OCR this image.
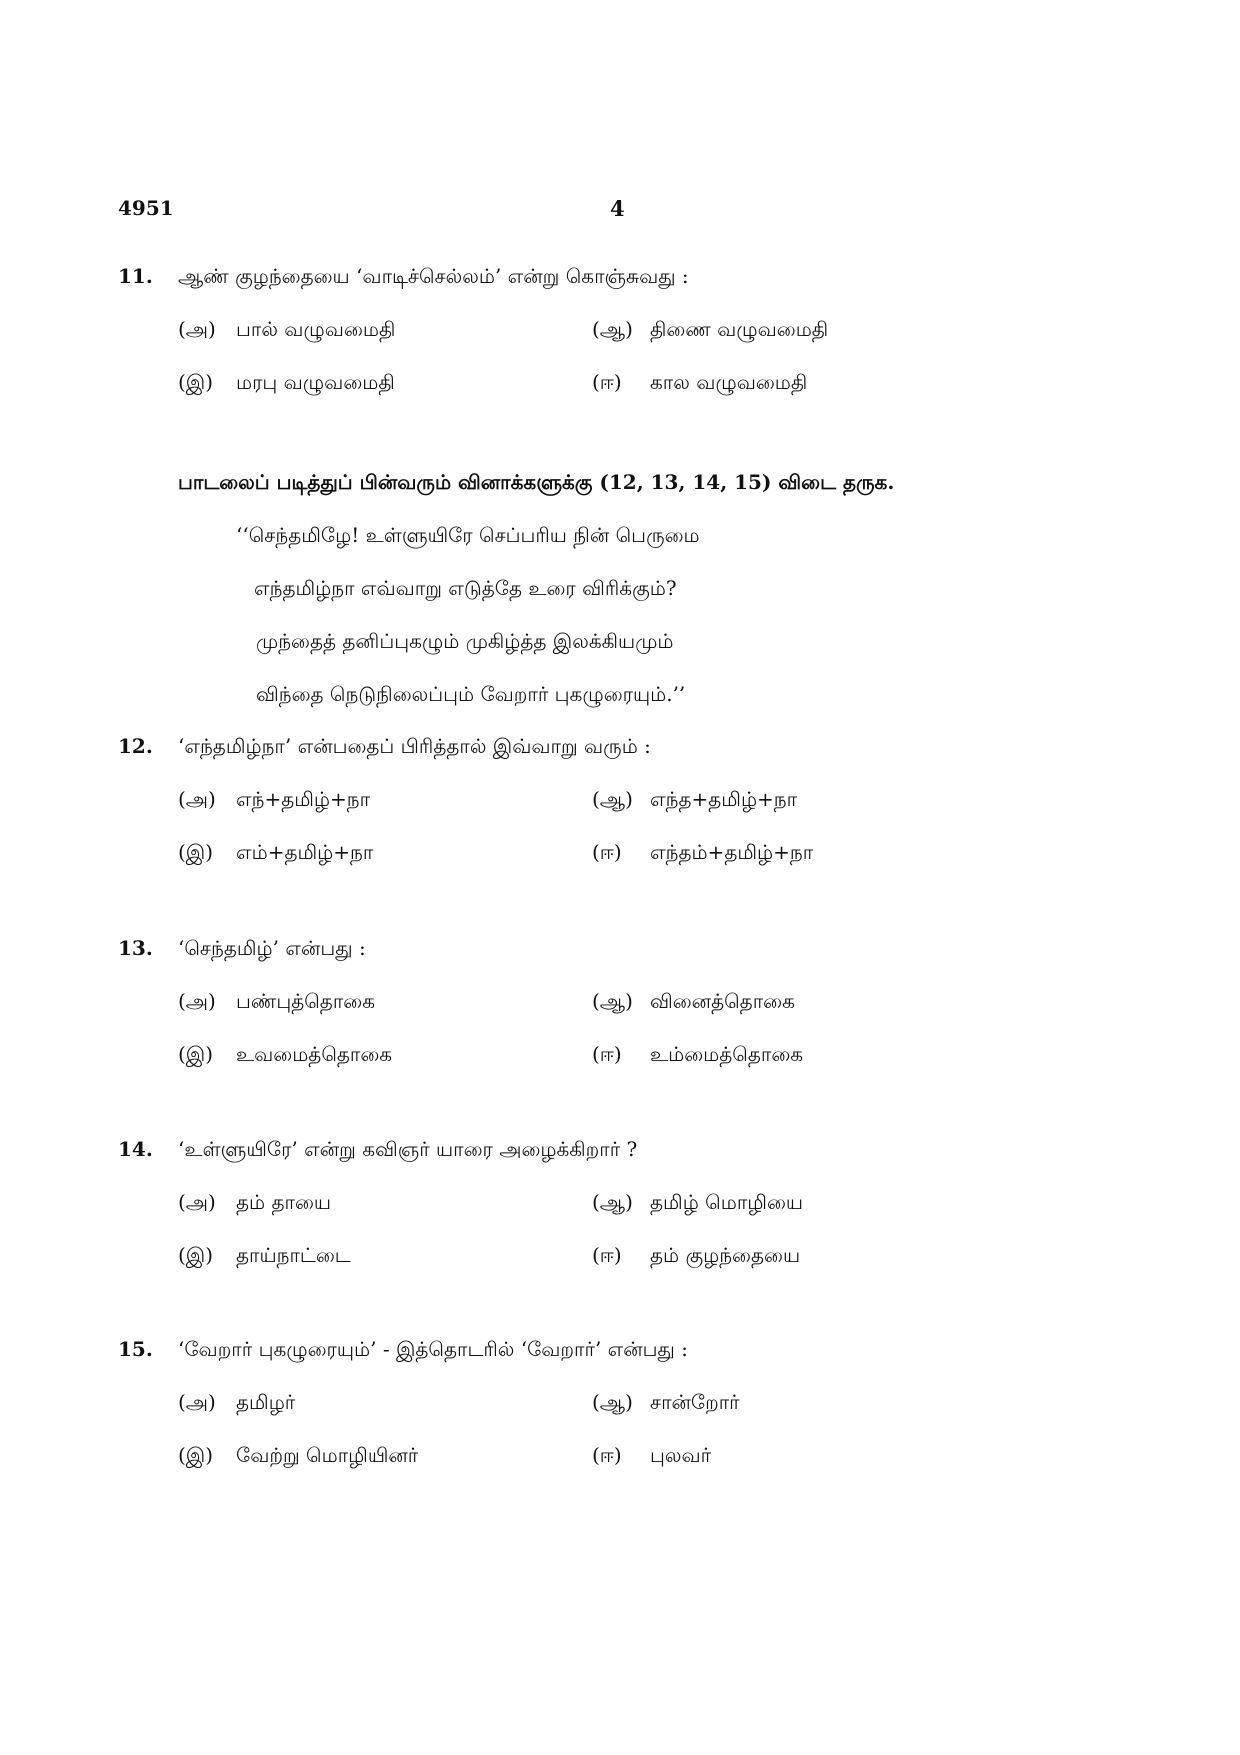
4951	4
11. ஆண் குழந்தையை ‘வாடிச்செல்லம்’ என்று கொஞ்சுவது :
(அ) பால் வழுவமைதி	(ஆ) திணை வழுவமைதி
(இ) மரபு வழுவமைதி	(ஈ) கால வழுவமைதி
பாடலைப் படித்துப் பின்வரும் வினாக்களுக்கு (12, 13, 14, 15) விடை தருக.
‘‘செந்தமிழே! உள்ளுயிரே செப்பரிய நின் பெருமை
எந்தமிழ்நா எவ்வாறு எடுத்தே உரை விரிக்கும்?
முந்தைத் தனிப்புகழும் முகிழ்த்த இலக்கியமும்
விந்தை நெடுநிலைப்பும் வேறார் புகழுரையும்.’’
12. ‘எந்தமிழ்நா’ என்பதைப் பிரித்தால் இவ்வாறு வரும் :
(அ) எந்+தமிழ்+நா	(ஆ) எந்த+தமிழ்+நா
(இ) எம்+தமிழ்+நா	(ஈ) எந்தம்+தமிழ்+நா
13. ‘செந்தமிழ்’ என்பது :
(அ) பண்புத்தொகை	(ஆ) வினைத்தொகை
(இ) உவமைத்தொகை	(ஈ) உம்மைத்தொகை
14. ‘உள்ளுயிரே’ என்று கவிஞர் யாரை அழைக்கிறார் ?
(அ) தம் தாயை	(ஆ) தமிழ் மொழியை
(இ) தாய்நாட்டை	(ஈ) தம் குழந்தையை
15. ‘வேறார் புகழுரையும்’ - இத்தொடரில் ‘வேறார்’ என்பது :
(அ) தமிழர்	(ஆ) சான்றோர்
(இ) வேற்று மொழியினர்	(ஈ) புலவர்
